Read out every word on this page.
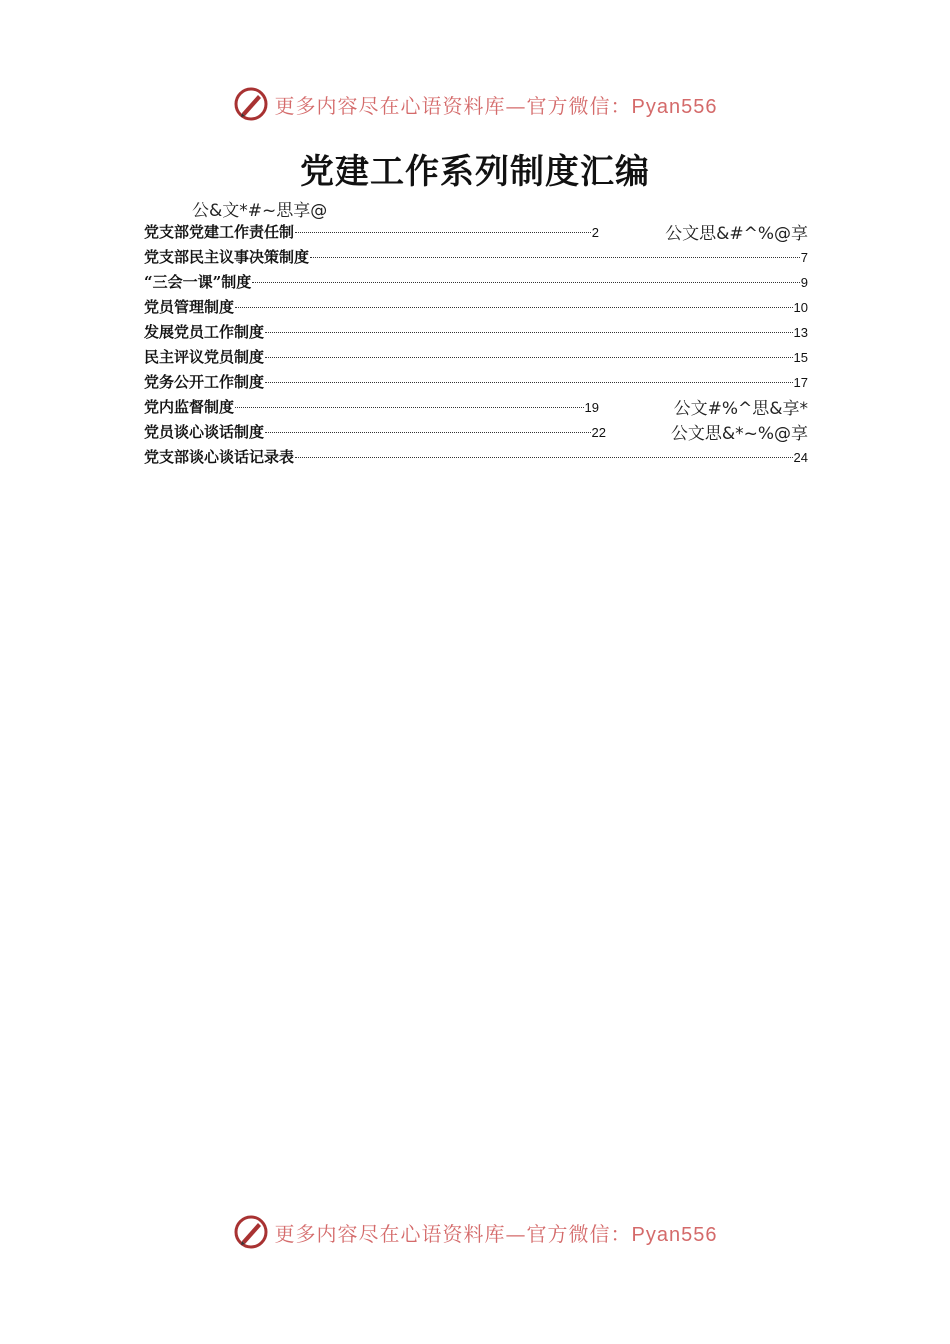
更多内容尽在心语资料库—官方微信：Pyan556
党建工作系列制度汇编
公&文*#~思享@
党支部党建工作责任制	2
党支部民主议事决策制度	7
“三会一课”制度	9
党员管理制度	10
发展党员工作制度	13
民主评议党员制度	15
党务公开工作制度	17
党内监督制度	19
党员谈心谈话制度	22
党支部谈心谈话记录表	24
公文思&#^%@享
公文#%^思&享*
公文思&*~%@享
更多内容尽在心语资料库—官方微信：Pyan556
